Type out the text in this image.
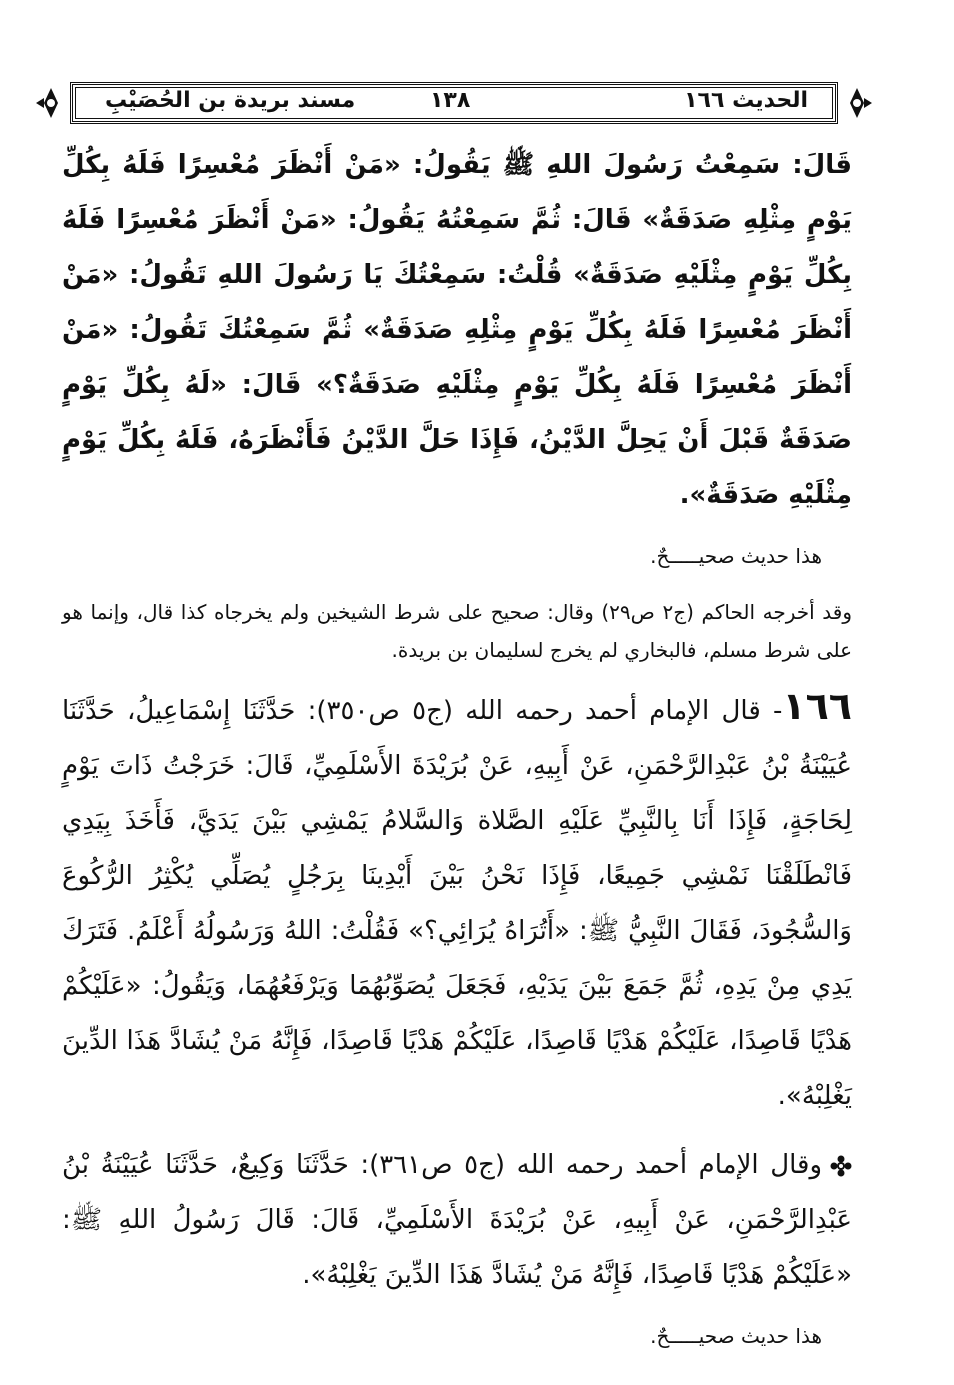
الحديث ١٦٦
١٣٨
مسند بريدة بن الحُصَيْبِ

قَالَ: سَمِعْتُ رَسُولَ اللهِ ﷺ يَقُولُ: «مَنْ أَنْظَرَ مُعْسِرًا فَلَهُ بِكُلِّ يَوْمٍ مِثْلِهِ صَدَقَةٌ» قَالَ: ثُمَّ سَمِعْتُهُ يَقُولُ: «مَنْ أَنْظَرَ مُعْسِرًا فَلَهُ بِكُلِّ يَوْمٍ مِثْلَيْهِ صَدَقَةٌ» قُلْتُ: سَمِعْتُكَ يَا رَسُولَ اللهِ تَقُولُ: «مَنْ أَنْظَرَ مُعْسِرًا فَلَهُ بِكُلِّ يَوْمٍ مِثْلِهِ صَدَقَةٌ» ثُمَّ سَمِعْتُكَ تَقُولُ: «مَنْ أَنْظَرَ مُعْسِرًا فَلَهُ بِكُلِّ يَوْمٍ مِثْلَيْهِ صَدَقَةٌ؟» قَالَ: «لَهُ بِكُلِّ يَوْمٍ صَدَقَةٌ قَبْلَ أَنْ يَحِلَّ الدَّيْنُ، فَإِذَا حَلَّ الدَّيْنُ فَأَنْظَرَهُ، فَلَهُ بِكُلِّ يَوْمٍ مِثْلَيْهِ صَدَقَةٌ».

هذا حديث صحيـــــحٌ.

وقد أخرجه الحاكم (ج٢ ص٢٩) وقال: صحيح على شرط الشيخين ولم يخرجاه كذا قال، وإنما هو على شرط مسلم، فالبخاري لم يخرج لسليمان بن بريدة.

١٦٦- قال الإمام أحمد رحمه الله (ج٥ ص٣٥٠): حَدَّثَنَا إِسْمَاعِيلُ، حَدَّثَنَا عُيَيْنَةُ بْنُ عَبْدِالرَّحْمَنِ، عَنْ أَبِيهِ، عَنْ بُرَيْدَةَ الأَسْلَمِيِّ، قَالَ: خَرَجْتُ ذَاتَ يَوْمٍ لِحَاجَةٍ، فَإِذَا أَنَا بِالنَّبِيِّ عَلَيْهِ الصَّلاة وَالسَّلامُ يَمْشِي بَيْنَ يَدَيَّ، فَأَخَذَ بِيَدِي فَانْطَلَقْنَا نَمْشِي جَمِيعًا، فَإِذَا نَحْنُ بَيْنَ أَيْدِينَا بِرَجُلٍ يُصَلِّي يُكْثِرُ الرُّكُوعَ وَالسُّجُودَ، فَقَالَ النَّبِيُّ ﷺ: «أَتُرَاهُ يُرَائِي؟» فَقُلْتُ: اللهُ وَرَسُولُهُ أَعْلَمُ. فَتَرَكَ يَدِي مِنْ يَدِهِ، ثُمَّ جَمَعَ بَيْنَ يَدَيْهِ، فَجَعَلَ يُصَوِّبُهُمَا وَيَرْفَعُهُمَا، وَيَقُولُ: «عَلَيْكُمْ هَدْيًا قَاصِدًا، عَلَيْكُمْ هَدْيًا قَاصِدًا، عَلَيْكُمْ هَدْيًا قَاصِدًا، فَإِنَّهُ مَنْ يُشَادَّ هَذَا الدِّينَ يَغْلِبْهُ».

وقال الإمام أحمد رحمه الله (ج٥ ص٣٦١): حَدَّثَنَا وَكِيعٌ، حَدَّثَنَا عُيَيْنَةُ بْنُ عَبْدِالرَّحْمَنِ، عَنْ أَبِيهِ، عَنْ بُرَيْدَةَ الأَسْلَمِيِّ، قَالَ: قَالَ رَسُولُ اللهِ ﷺ: «عَلَيْكُمْ هَدْيًا قَاصِدًا، فَإِنَّهُ مَنْ يُشَادَّ هَذَا الدِّينَ يَغْلِبْهُ».

هذا حديث صحيـــــحٌ.
